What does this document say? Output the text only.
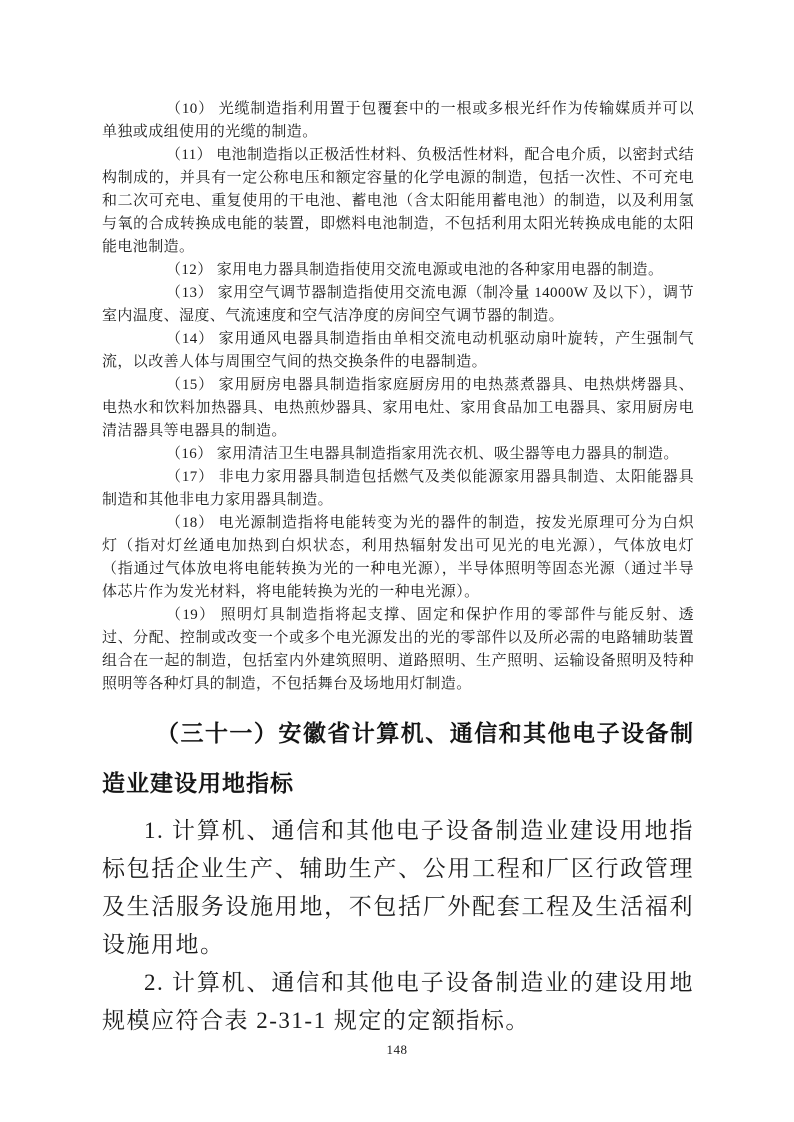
（10） 光缆制造指利用置于包覆套中的一根或多根光纤作为传输媒质并可以单独或成组使用的光缆的制造。

（11） 电池制造指以正极活性材料、负极活性材料，配合电介质，以密封式结构制成的，并具有一定公称电压和额定容量的化学电源的制造，包括一次性、不可充电和二次可充电、重复使用的干电池、蓄电池（含太阳能用蓄电池）的制造，以及利用氢与氧的合成转换成电能的装置，即燃料电池制造，不包括利用太阳光转换成电能的太阳能电池制造。

（12） 家用电力器具制造指使用交流电源或电池的各种家用电器的制造。

（13） 家用空气调节器制造指使用交流电源（制冷量 14000W 及以下），调节室内温度、湿度、气流速度和空气洁净度的房间空气调节器的制造。

（14） 家用通风电器具制造指由单相交流电动机驱动扇叶旋转，产生强制气流，以改善人体与周围空气间的热交换条件的电器制造。

（15） 家用厨房电器具制造指家庭厨房用的电热蒸煮器具、电热烘烤器具、电热水和饮料加热器具、电热煎炒器具、家用电灶、家用食品加工电器具、家用厨房电清洁器具等电器具的制造。

（16） 家用清洁卫生电器具制造指家用洗衣机、吸尘器等电力器具的制造。

（17） 非电力家用器具制造包括燃气及类似能源家用器具制造、太阳能器具制造和其他非电力家用器具制造。

（18） 电光源制造指将电能转变为光的器件的制造，按发光原理可分为白炽灯（指对灯丝通电加热到白炽状态，利用热辐射发出可见光的电光源），气体放电灯（指通过气体放电将电能转换为光的一种电光源），半导体照明等固态光源（通过半导体芯片作为发光材料，将电能转换为光的一种电光源）。

（19） 照明灯具制造指将起支撑、固定和保护作用的零部件与能反射、透过、分配、控制或改变一个或多个电光源发出的光的零部件以及所必需的电路辅助装置组合在一起的制造，包括室内外建筑照明、道路照明、生产照明、运输设备照明及特种照明等各种灯具的制造，不包括舞台及场地用灯制造。

（三十一）安徽省计算机、通信和其他电子设备制造业建设用地指标

1. 计算机、通信和其他电子设备制造业建设用地指标包括企业生产、辅助生产、公用工程和厂区行政管理及生活服务设施用地，不包括厂外配套工程及生活福利设施用地。

2. 计算机、通信和其他电子设备制造业的建设用地规模应符合表 2-31-1 规定的定额指标。

148
